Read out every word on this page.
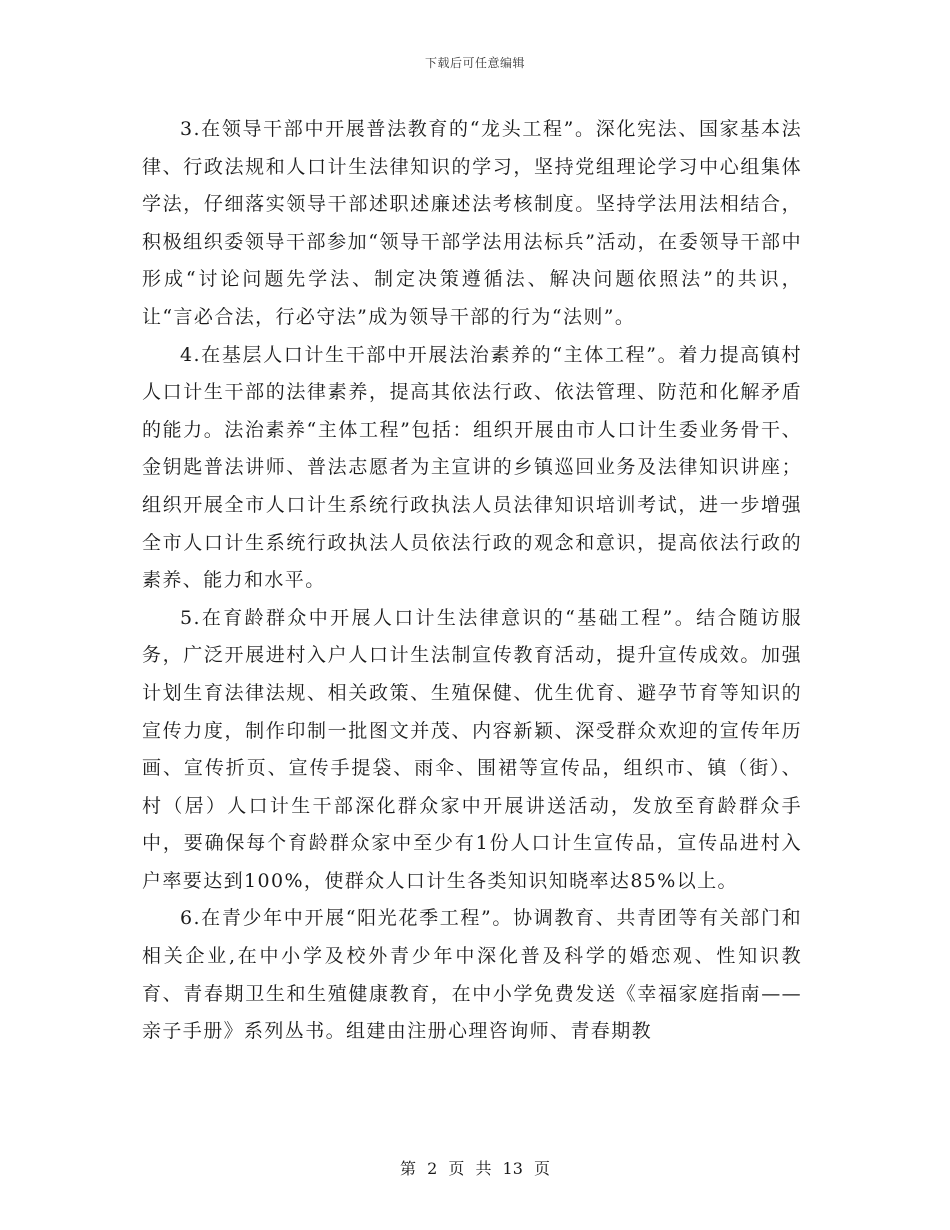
下载后可任意编辑

3.在领导干部中开展普法教育的“龙头工程”。深化宪法、国家基本法律、行政法规和人口计生法律知识的学习，坚持党组理论学习中心组集体学法，仔细落实领导干部述职述廉述法考核制度。坚持学法用法相结合，积极组织委领导干部参加“领导干部学法用法标兵”活动，在委领导干部中形成“讨论问题先学法、制定决策遵循法、解决问题依照法”的共识，让“言必合法，行必守法”成为领导干部的行为“法则”。

4.在基层人口计生干部中开展法治素养的“主体工程”。着力提高镇村人口计生干部的法律素养，提高其依法行政、依法管理、防范和化解矛盾的能力。法治素养“主体工程”包括：组织开展由市人口计生委业务骨干、金钥匙普法讲师、普法志愿者为主宣讲的乡镇巡回业务及法律知识讲座；组织开展全市人口计生系统行政执法人员法律知识培训考试，进一步增强全市人口计生系统行政执法人员依法行政的观念和意识，提高依法行政的素养、能力和水平。

5.在育龄群众中开展人口计生法律意识的“基础工程”。结合随访服务，广泛开展进村入户人口计生法制宣传教育活动，提升宣传成效。加强计划生育法律法规、相关政策、生殖保健、优生优育、避孕节育等知识的宣传力度，制作印制一批图文并茂、内容新颖、深受群众欢迎的宣传年历画、宣传折页、宣传手提袋、雨伞、围裙等宣传品，组织市、镇（街）、村（居）人口计生干部深化群众家中开展讲送活动，发放至育龄群众手中，要确保每个育龄群众家中至少有1份人口计生宣传品，宣传品进村入户率要达到100%，使群众人口计生各类知识知晓率达85%以上。

6.在青少年中开展“阳光花季工程”。协调教育、共青团等有关部门和相关企业,在中小学及校外青少年中深化普及科学的婚恋观、性知识教育、青春期卫生和生殖健康教育，在中小学免费发送《幸福家庭指南——亲子手册》系列丛书。组建由注册心理咨询师、青春期教

第 2 页 共 13 页
